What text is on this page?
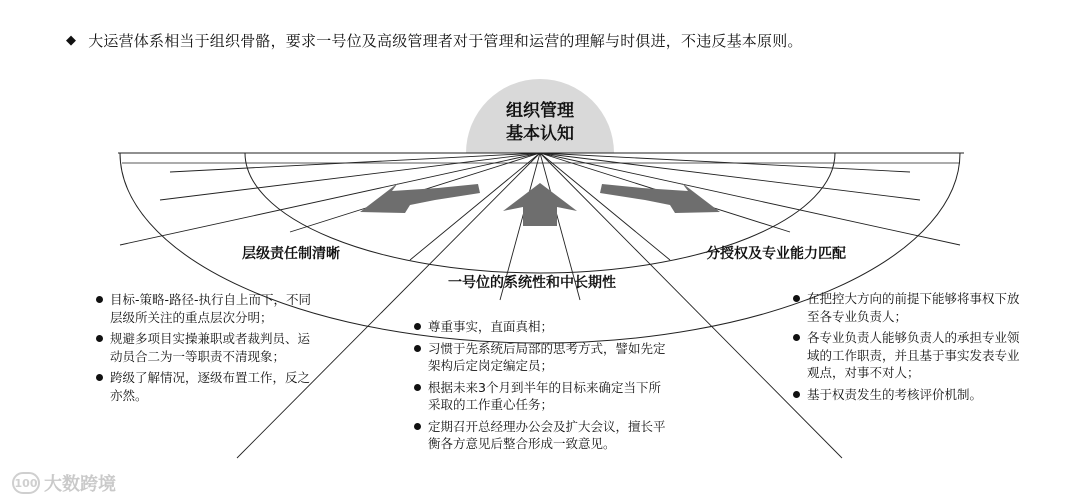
◆ 大运营体系相当于组织骨骼，要求一号位及高级管理者对于管理和运营的理解与时俱进，不违反基本原则。
组织管理
基本认知
层级责任制清晰
目标-策略-路径-执行自上而下，不同层级所关注的重点层次分明；
规避多项目实操兼职或者裁判员、运动员合二为一等职责不清现象；
跨级了解情况，逐级布置工作，反之亦然。
一号位的系统性和中长期性
尊重事实，直面真相；
习惯于先系统后局部的思考方式，譬如先定架构后定岗定编定员；
根据未来3个月到半年的目标来确定当下所采取的工作重心任务；
定期召开总经理办公会及扩大会议，擅长平衡各方意见后整合形成一致意见。
分授权及专业能力匹配
在把控大方向的前提下能够将事权下放至各专业负责人；
各专业负责人能够负责人的承担专业领域的工作职责，并且基于事实发表专业观点，对事不对人；
基于权责发生的考核评价机制。
100 大数跨境
